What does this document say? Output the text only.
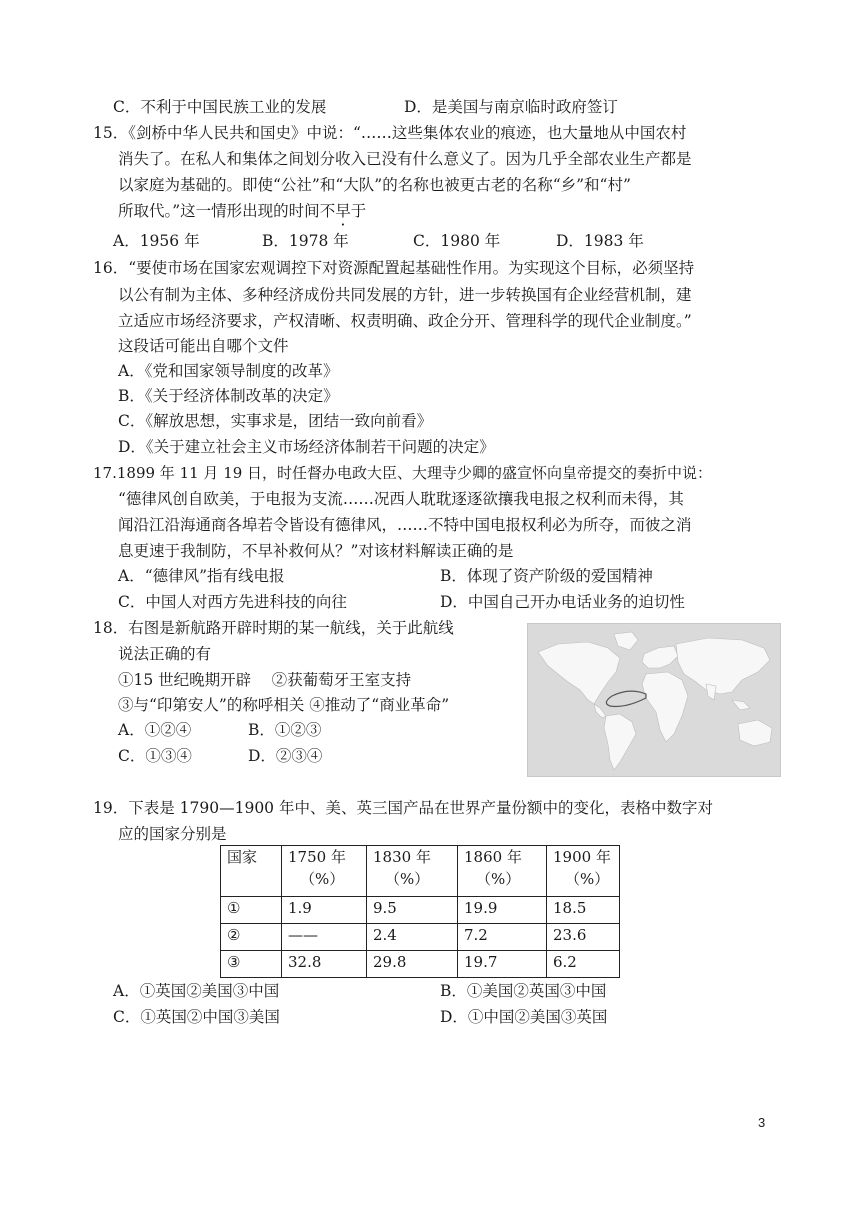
C．不利于中国民族工业的发展	D．是美国与南京临时政府签订
15．《剑桥中华人民共和国史》中说：“……这些集体农业的痕迹，也大量地从中国农村
消失了。在私人和集体之间划分收入已没有什么意义了。因为几乎全部农业生产都是
以家庭为基础的。即使“公社”和“大队”的名称也被更古老的名称“乡”和“村”
所取代。”这一情形出现的时间不早于
A．1956 年	B．1978 年	C．1980 年	D．1983 年
16．“要使市场在国家宏观调控下对资源配置起基础性作用。为实现这个目标，必须坚持
以公有制为主体、多种经济成份共同发展的方针，进一步转换国有企业经营机制，建
立适应市场经济要求，产权清晰、权责明确、政企分开、管理科学的现代企业制度。”
这段话可能出自哪个文件
A．《党和国家领导制度的改革》
B．《关于经济体制改革的决定》
C．《解放思想，实事求是，团结一致向前看》
D．《关于建立社会主义市场经济体制若干问题的决定》
17.1899 年 11 月 19 日，时任督办电政大臣、大理寺少卿的盛宣怀向皇帝提交的奏折中说：
“德律风创自欧美，于电报为支流……况西人耽耽逐逐欲攘我电报之权利而未得，其
闻沿江沿海通商各埠若令皆设有德律风，……不特中国电报权利必为所夺，而彼之消
息更速于我制防，不早补救何从？”对该材料解读正确的是
A．“德律风”指有线电报	B．体现了资产阶级的爱国精神
C．中国人对西方先进科技的向往	D．中国自己开办电话业务的迫切性
18．右图是新航路开辟时期的某一航线，关于此航线
说法正确的有
①15 世纪晚期开辟　 ②获葡萄牙王室支持
③与“印第安人”的称呼相关 ④推动了“商业革命”
A．①②④	B．①②③
C．①③④	D．②③④
19．下表是 1790—1900 年中、美、英三国产品在世界产量份额中的变化，表格中数字对
应的国家分别是
国家	1750 年
（%）	1830 年
（%）	1860 年
（%）	1900 年
（%）

①	1.9	9.5	19.9	18.5
②	——	2.4	7.2	23.6
③	32.8	29.8	19.7	6.2
A．①英国②美国③中国	B．①美国②英国③中国
C．①英国②中国③美国	D．①中国②美国③英国
3
